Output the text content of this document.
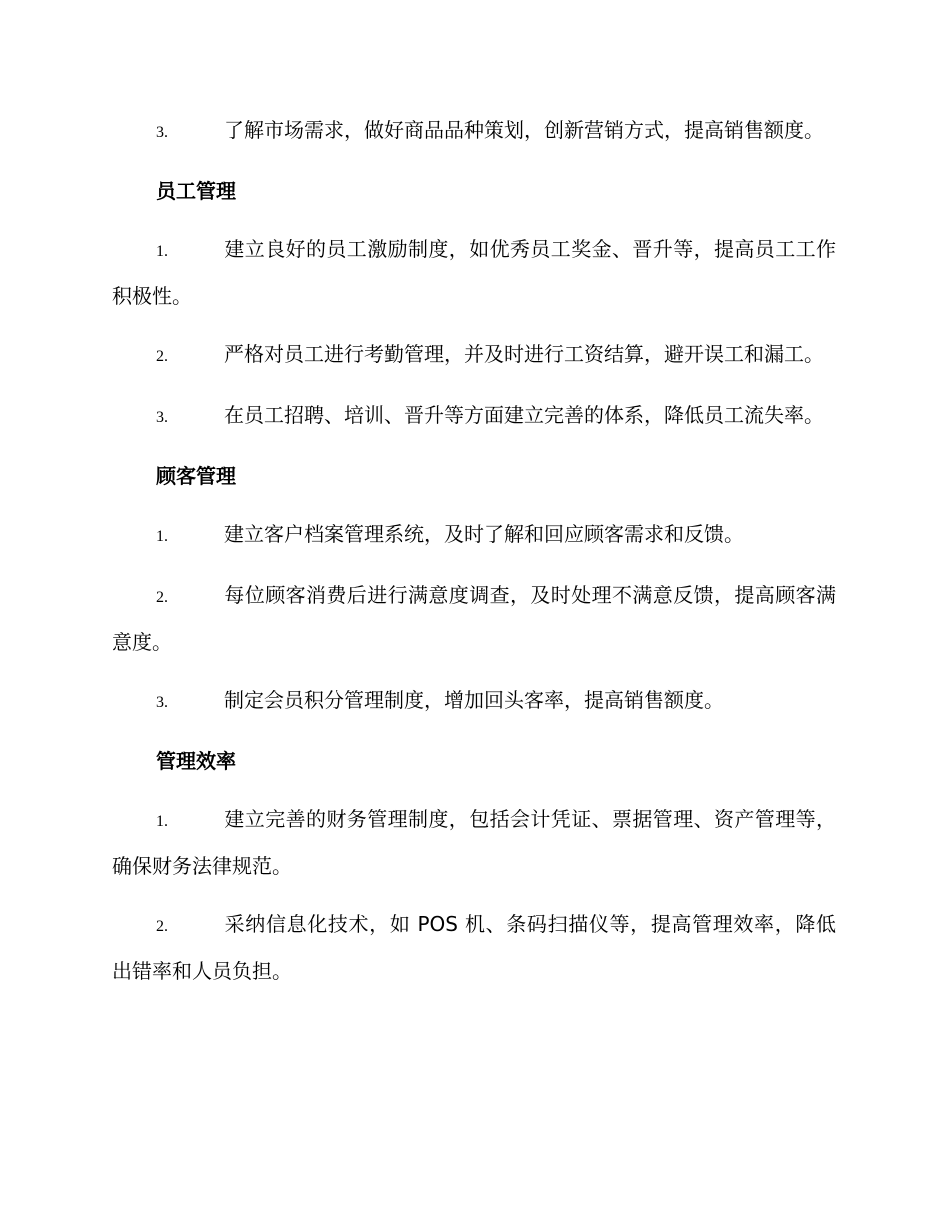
3.	了解市场需求，做好商品品种策划，创新营销方式，提高销售额度。

员工管理

1.	建立良好的员工激励制度，如优秀员工奖金、晋升等，提高员工工作积极性。

2.	严格对员工进行考勤管理，并及时进行工资结算，避开误工和漏工。

3.	在员工招聘、培训、晋升等方面建立完善的体系，降低员工流失率。

顾客管理

1.	建立客户档案管理系统，及时了解和回应顾客需求和反馈。

2.	每位顾客消费后进行满意度调查，及时处理不满意反馈，提高顾客满意度。

3.	制定会员积分管理制度，增加回头客率，提高销售额度。

管理效率

1.	建立完善的财务管理制度，包括会计凭证、票据管理、资产管理等，确保财务法律规范。

2.	采纳信息化技术，如 POS 机、条码扫描仪等，提高管理效率，降低出错率和人员负担。
